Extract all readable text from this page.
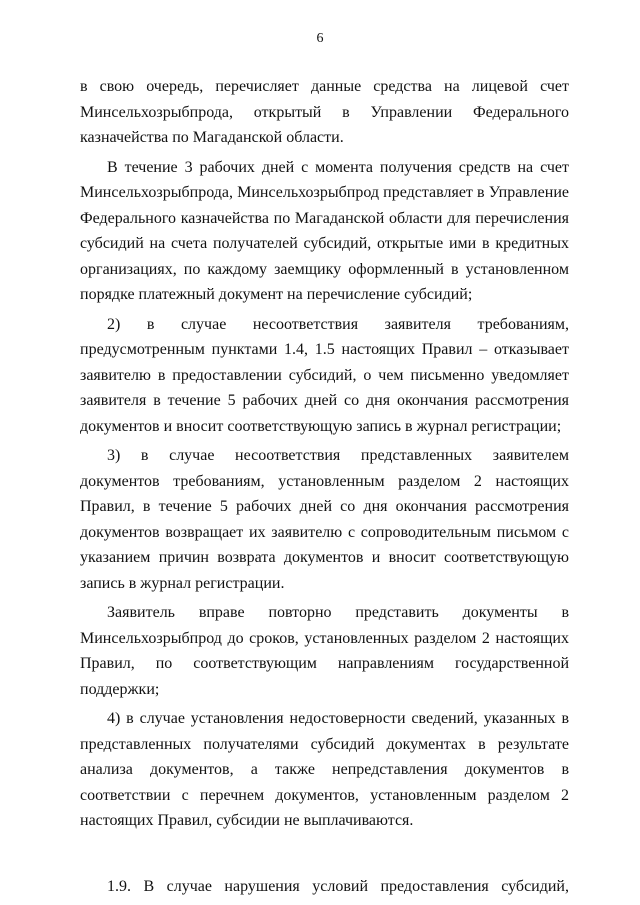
6

в свою очередь, перечисляет данные средства на лицевой счет Минсельхозрыбпрода, открытый в Управлении Федерального казначейства по Магаданской области.

В течение 3 рабочих дней с момента получения средств на счет Минсельхозрыбпрода, Минсельхозрыбпрод представляет в Управление Федерального казначейства по Магаданской области для перечисления субсидий на счета получателей субсидий, открытые ими в кредитных организациях, по каждому заемщику оформленный в установленном порядке платежный документ на перечисление субсидий;

2) в случае несоответствия заявителя требованиям, предусмотренным пунктами 1.4, 1.5 настоящих Правил – отказывает заявителю в предоставлении субсидий, о чем письменно уведомляет заявителя в течение 5 рабочих дней со дня окончания рассмотрения документов и вносит соответствующую запись в журнал регистрации;

3) в случае несоответствия представленных заявителем документов требованиям, установленным разделом 2 настоящих Правил, в течение 5 рабочих дней со дня окончания рассмотрения документов возвращает их заявителю с сопроводительным письмом с указанием причин возврата документов и вносит соответствующую запись в журнал регистрации.

Заявитель вправе повторно представить документы в Минсельхозрыбпрод до сроков, установленных разделом 2 настоящих Правил, по соответствующим направлениям государственной поддержки;

4) в случае установления недостоверности сведений, указанных в представленных получателями субсидий документах в результате анализа документов, а также непредставления документов в соответствии с перечнем документов, установленным разделом 2 настоящих Правил, субсидии не выплачиваются.

1.9. В случае нарушения условий предоставления субсидий,
